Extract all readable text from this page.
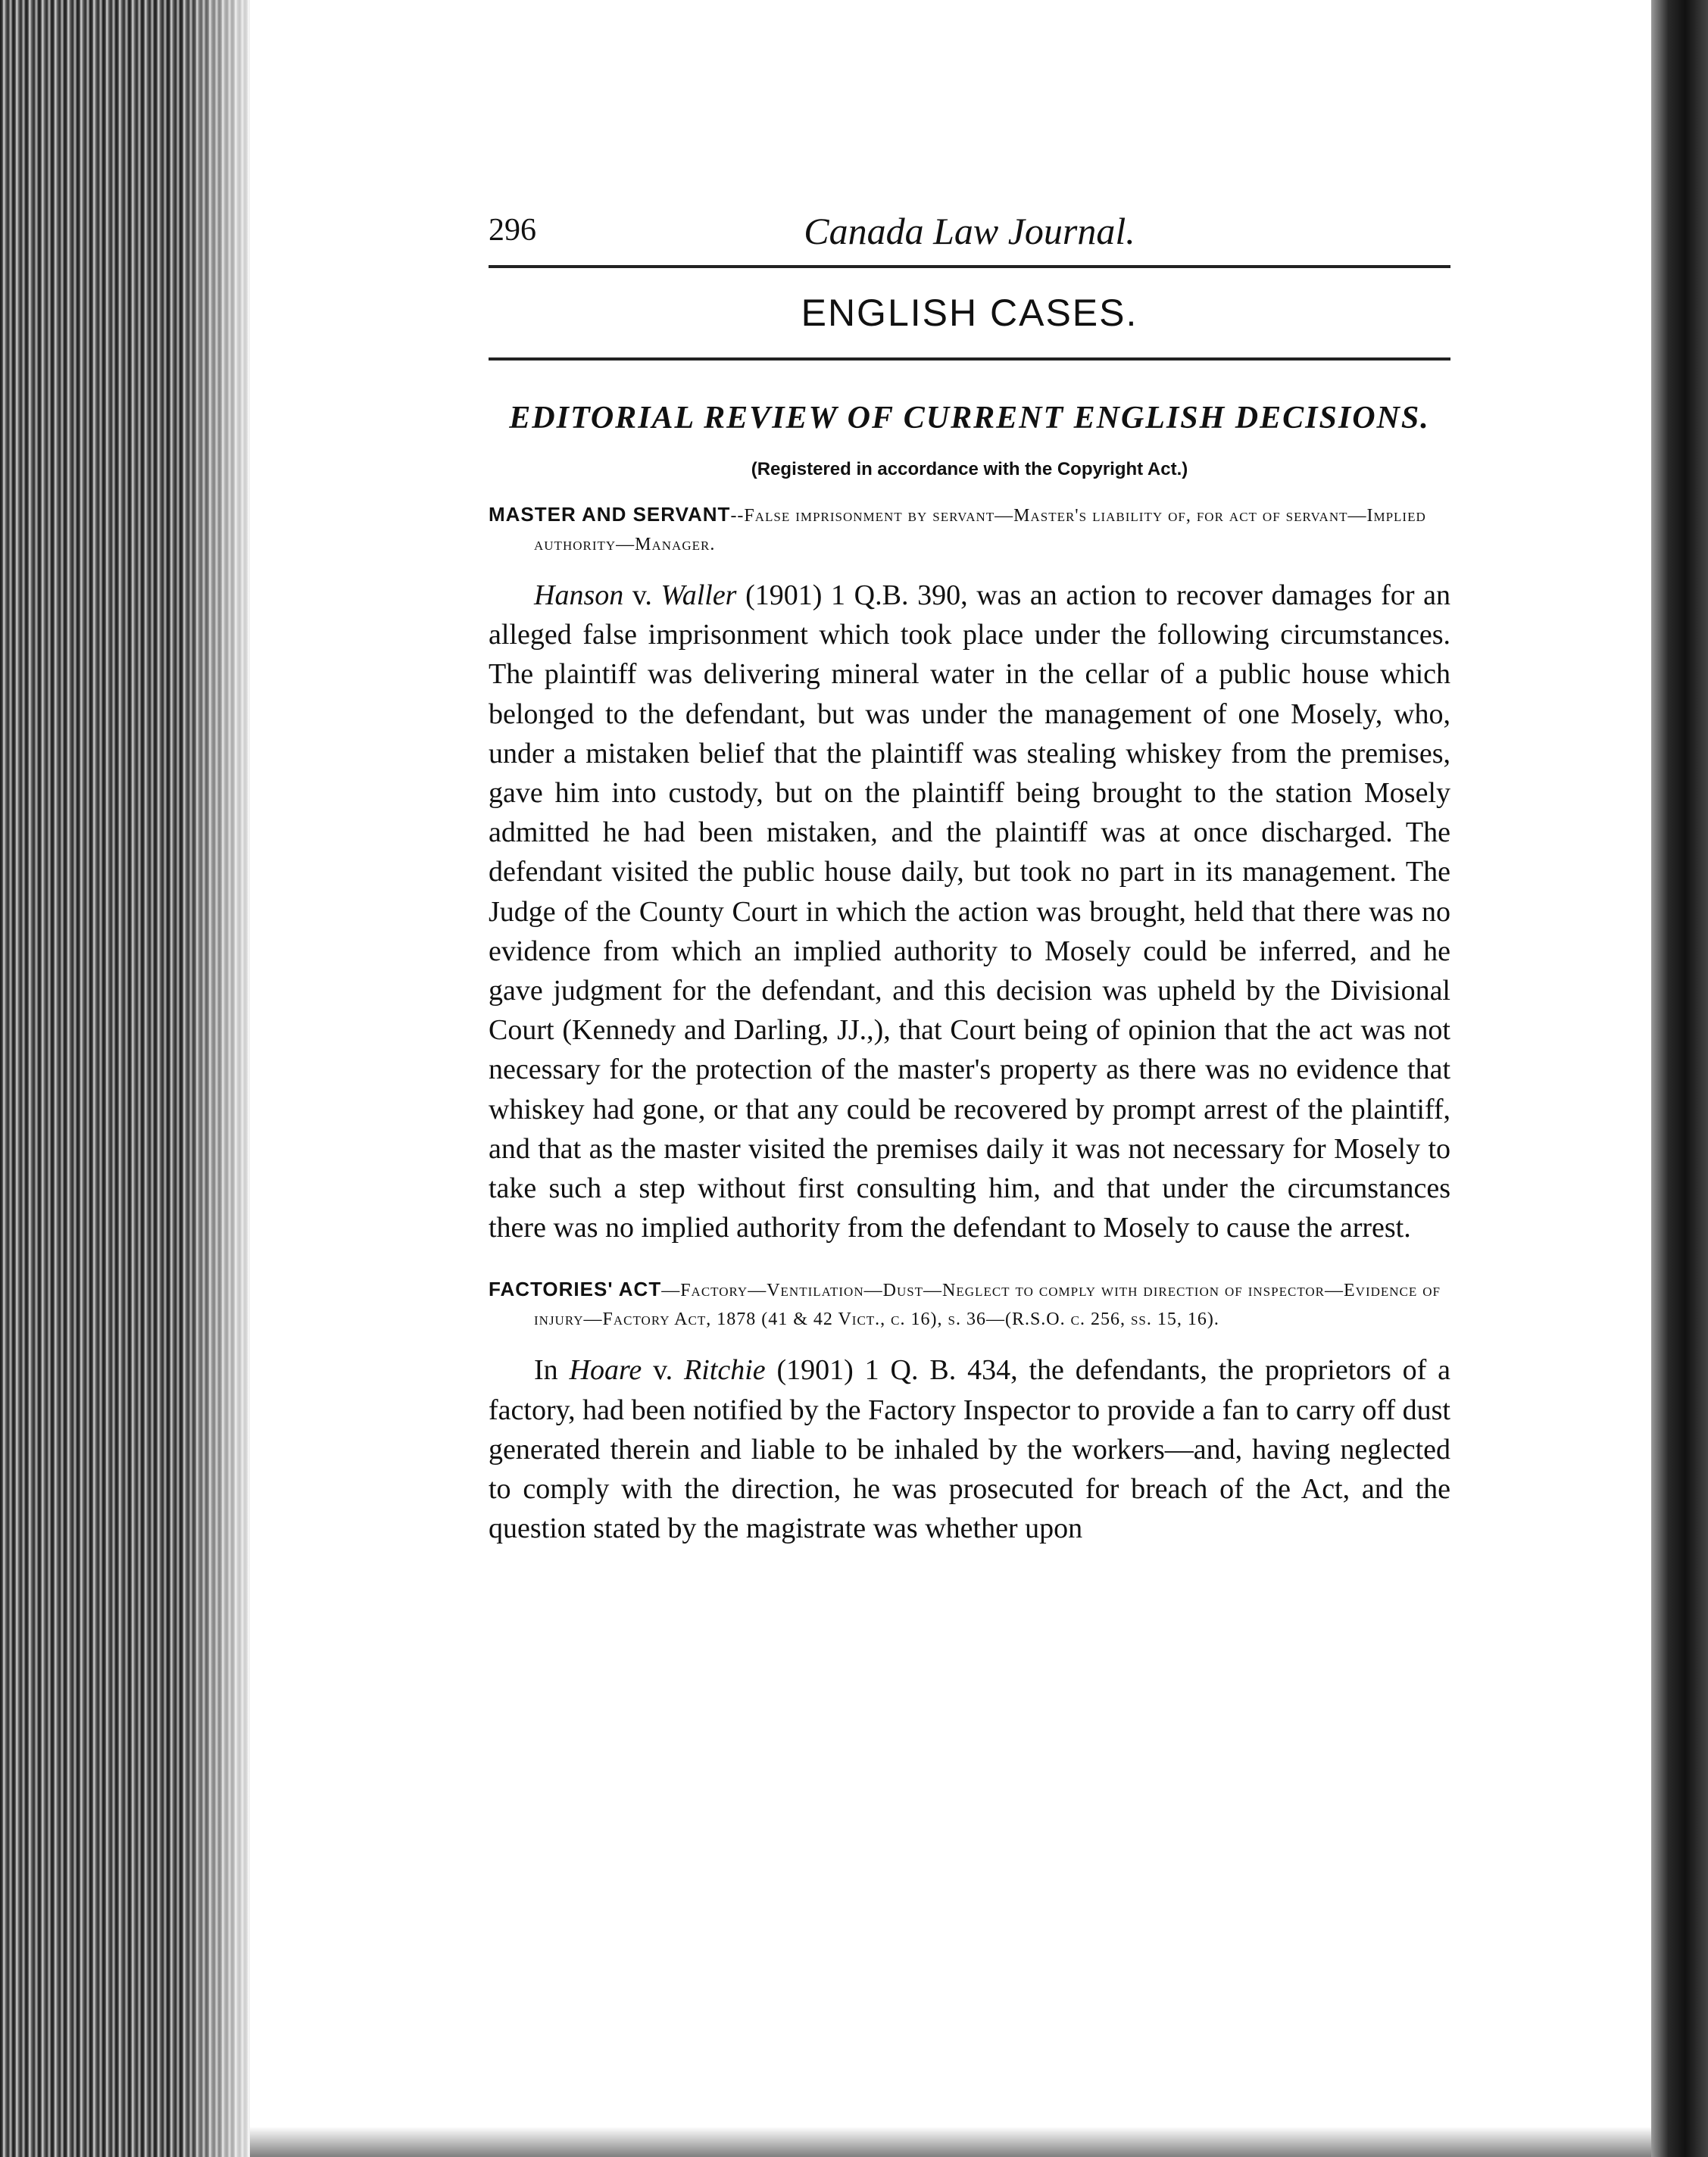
296	Canada Law Journal.
ENGLISH CASES.
EDITORIAL REVIEW OF CURRENT ENGLISH DECISIONS.

(Registered in accordance with the Copyright Act.)

MASTER AND SERVANT--False imprisonment by servant—Master's liability of, for act of servant—Implied authority—Manager.

Hanson v. Waller (1901) 1 Q.B. 390, was an action to recover damages for an alleged false imprisonment which took place under the following circumstances. The plaintiff was delivering mineral water in the cellar of a public house which belonged to the defendant, but was under the management of one Mosely, who, under a mistaken belief that the plaintiff was stealing whiskey from the premises, gave him into custody, but on the plaintiff being brought to the station Mosely admitted he had been mistaken, and the plaintiff was at once discharged. The defendant visited the public house daily, but took no part in its management. The Judge of the County Court in which the action was brought, held that there was no evidence from which an implied authority to Mosely could be inferred, and he gave judgment for the defendant, and this decision was upheld by the Divisional Court (Kennedy and Darling, JJ.,), that Court being of opinion that the act was not necessary for the protection of the master's property as there was no evidence that whiskey had gone, or that any could be recovered by prompt arrest of the plaintiff, and that as the master visited the premises daily it was not necessary for Mosely to take such a step without first consulting him, and that under the circumstances there was no implied authority from the defendant to Mosely to cause the arrest.

FACTORIES' ACT—Factory—Ventilation—Dust—Neglect to comply with direction of inspector—Evidence of injury—Factory Act, 1878 (41 & 42 Vict., c. 16), s. 36—(R.S.O. c. 256, ss. 15, 16).

In Hoare v. Ritchie (1901) 1 Q. B. 434, the defendants, the proprietors of a factory, had been notified by the Factory Inspector to provide a fan to carry off dust generated therein and liable to be inhaled by the workers—and, having neglected to comply with the direction, he was prosecuted for breach of the Act, and the question stated by the magistrate was whether upon
